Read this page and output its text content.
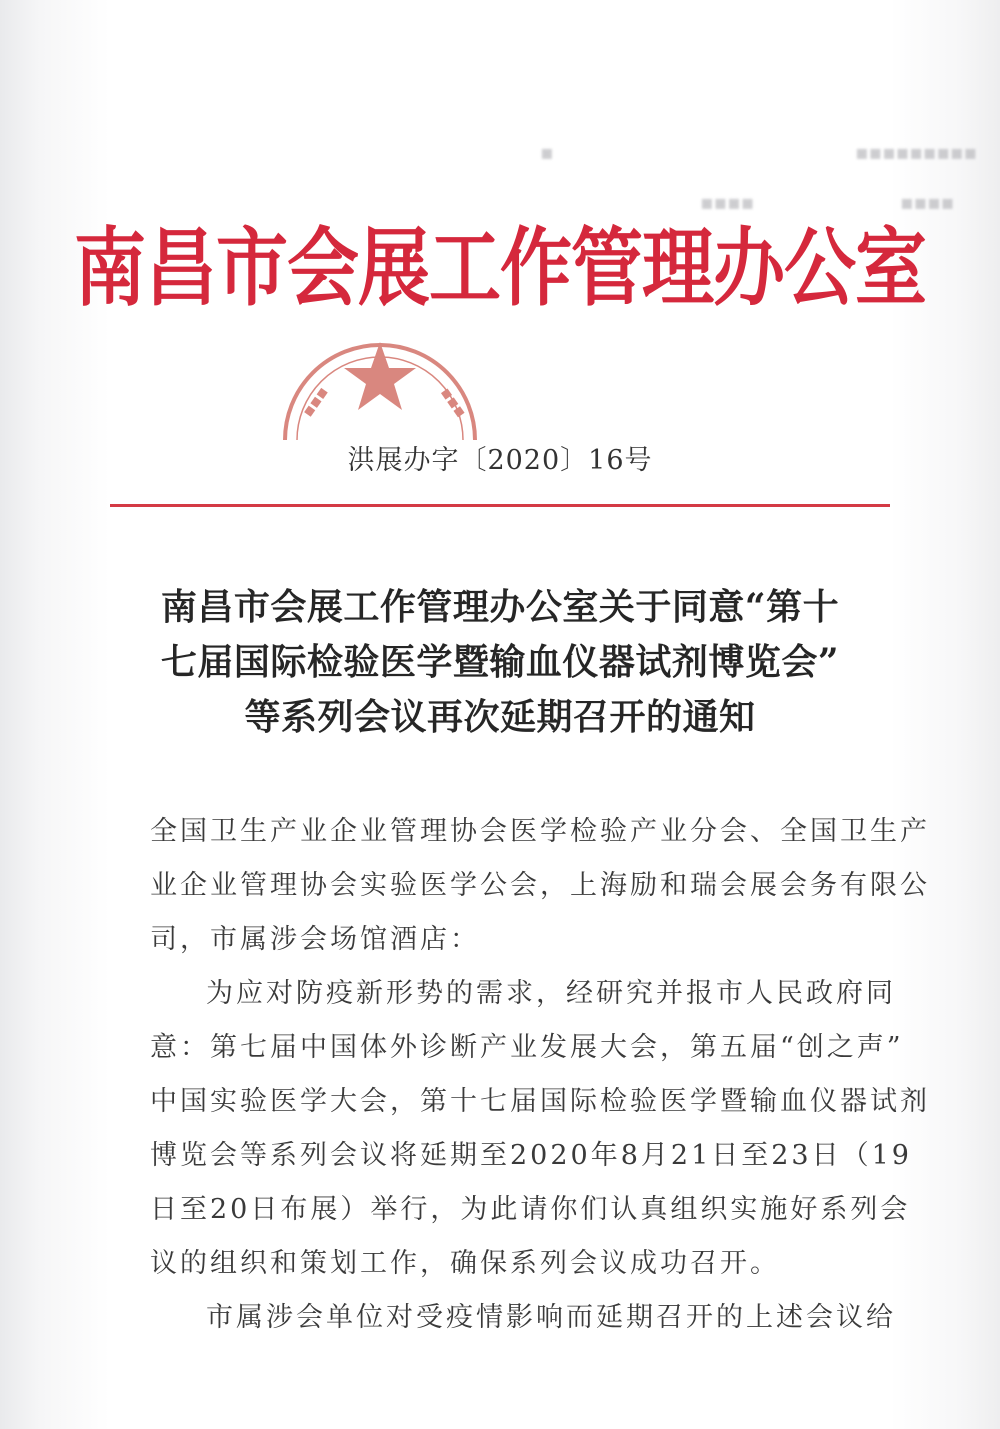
▪▪▪▪▪▪▪▪▪
▪▪▪▪
▪
▪▪▪▪
▪▪▪	▪▪▪
南昌市会展工作管理办公室
洪展办字〔2020〕16号
南昌市会展工作管理办公室关于同意“第十
七届国际检验医学暨输血仪器试剂博览会”
等系列会议再次延期召开的通知
全国卫生产业企业管理协会医学检验产业分会、全国卫生产
业企业管理协会实验医学公会，上海励和瑞会展会务有限公
司，市属涉会场馆酒店：
为应对防疫新形势的需求，经研究并报市人民政府同
意：第七届中国体外诊断产业发展大会，第五届“创之声”
中国实验医学大会，第十七届国际检验医学暨输血仪器试剂
博览会等系列会议将延期至2020年8月21日至23日（19
日至20日布展）举行，为此请你们认真组织实施好系列会
议的组织和策划工作，确保系列会议成功召开。
市属涉会单位对受疫情影响而延期召开的上述会议给
